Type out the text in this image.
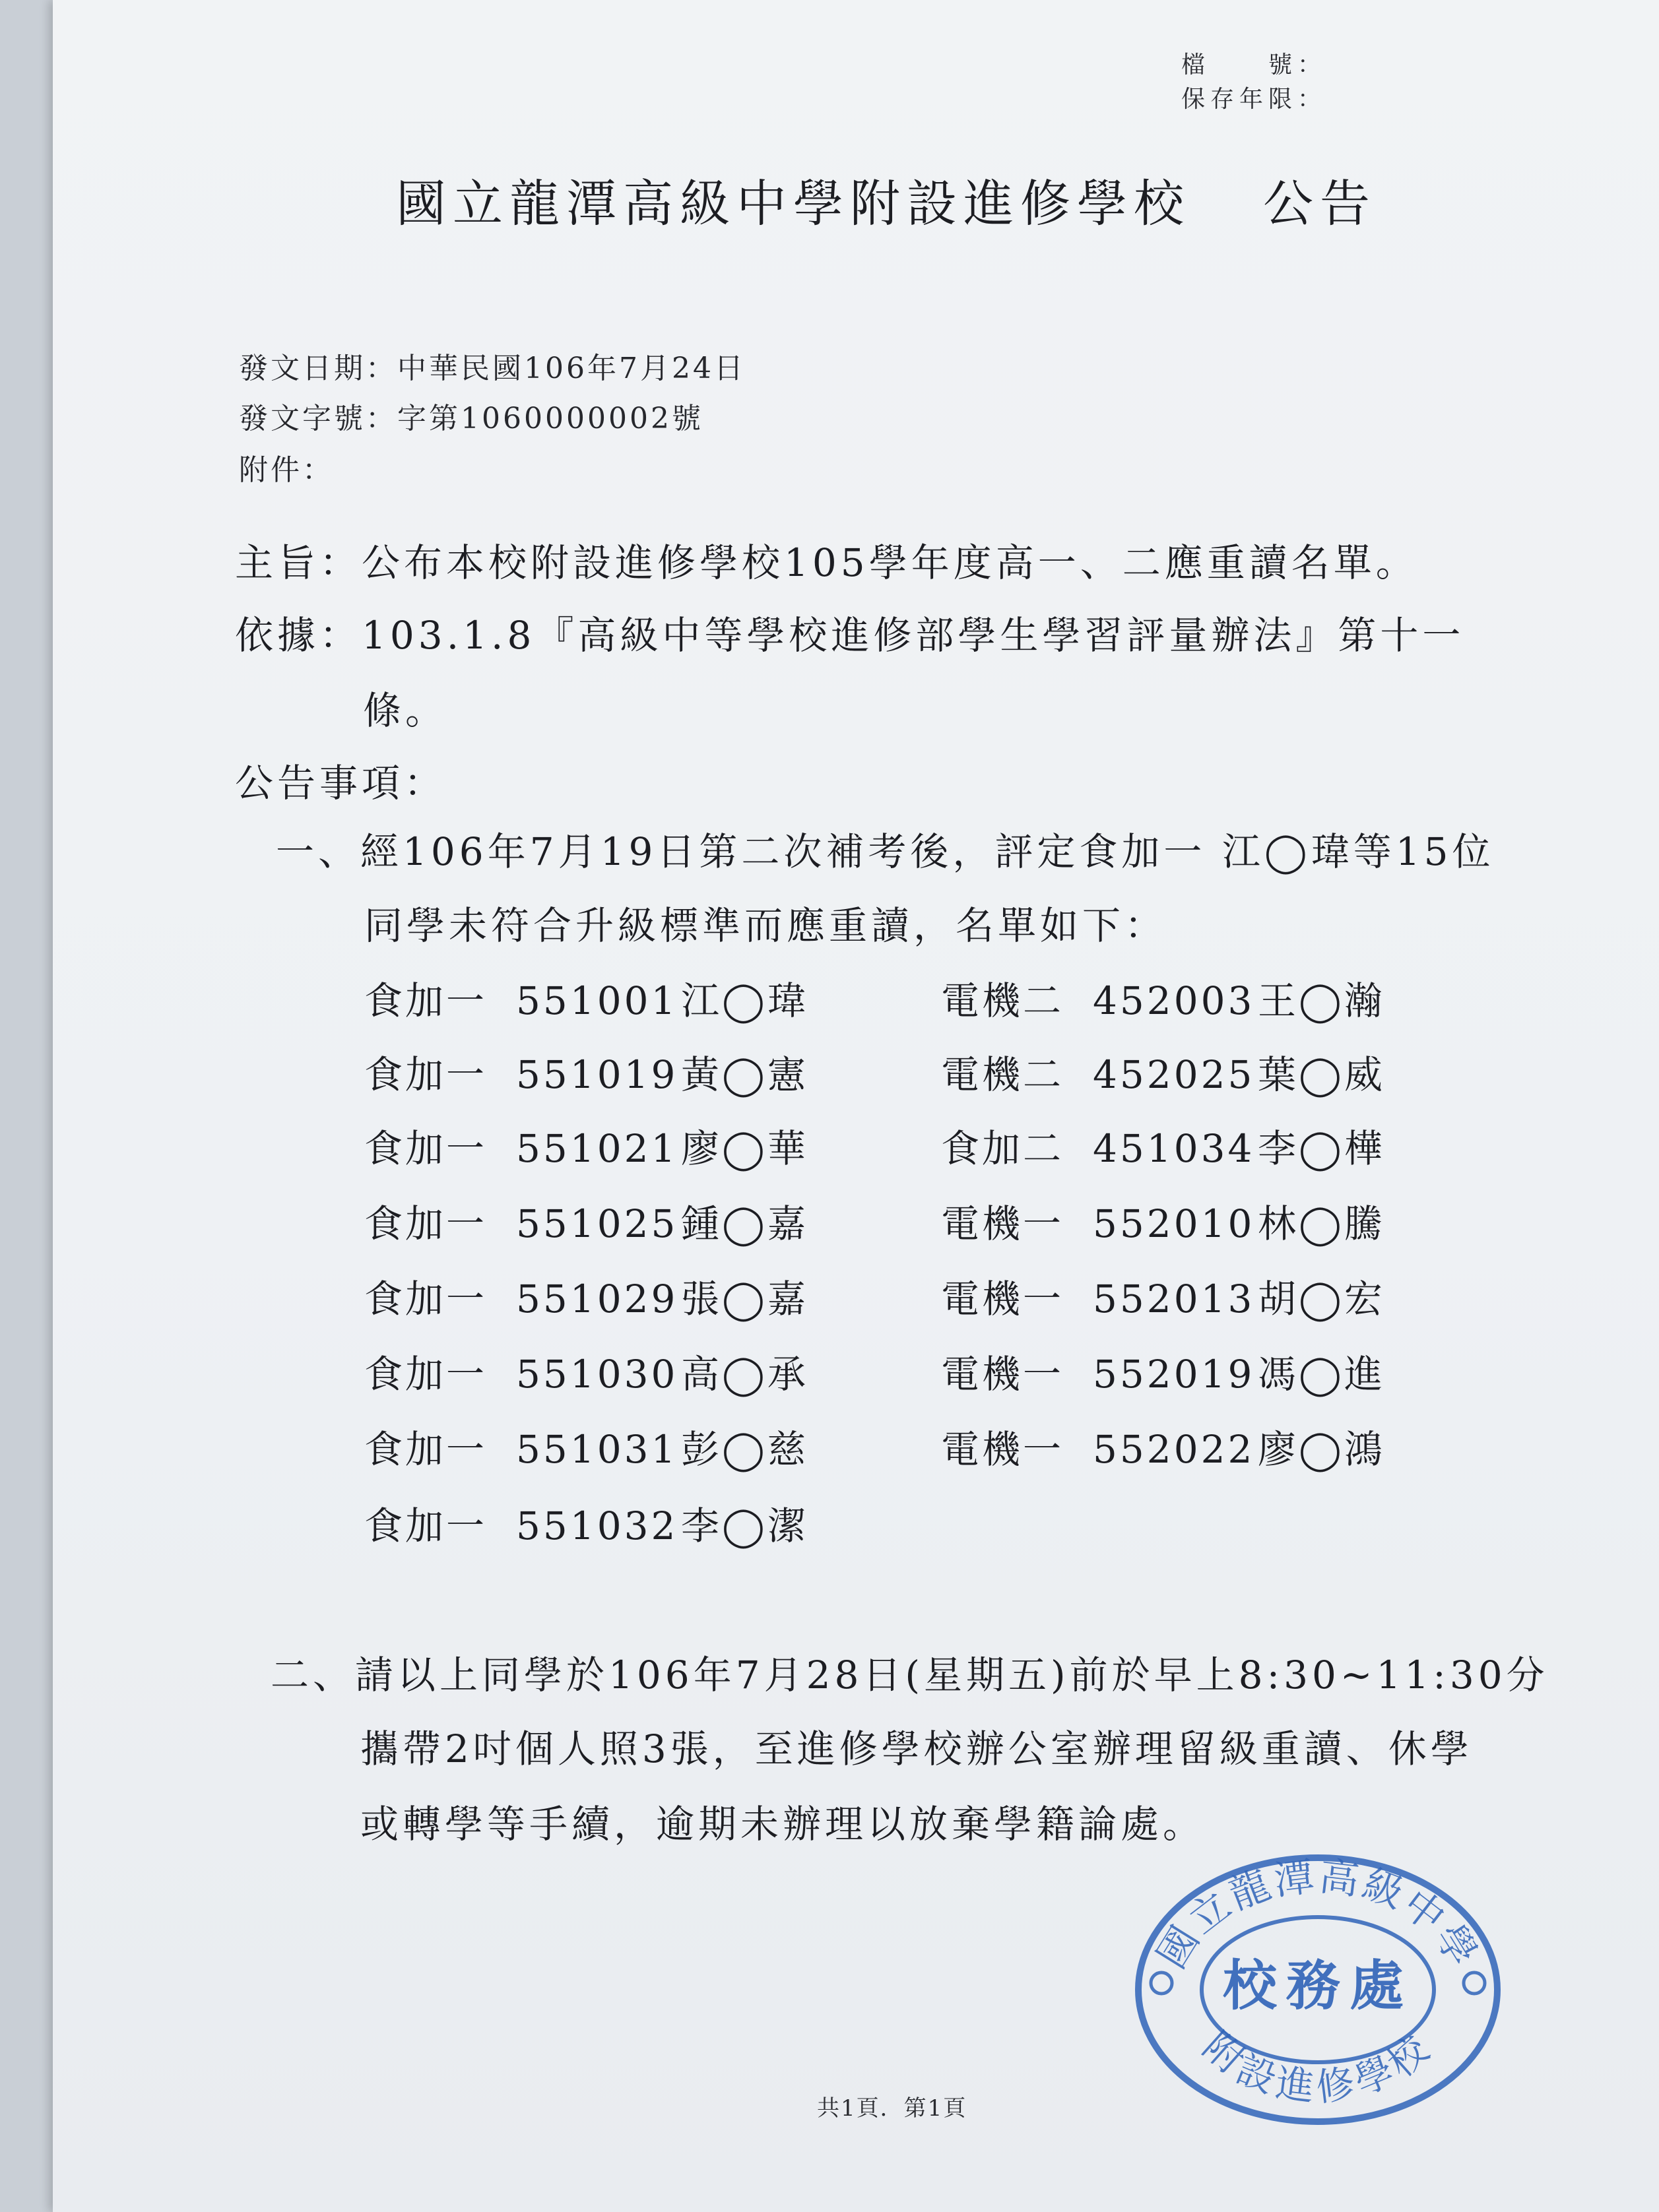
檔　　號：
保存年限：
國立龍潭高級中學附設進修學校 公告
發文日期：中華民國106年7月24日
發文字號：字第1060000002號
附件：
主旨：公布本校附設進修學校105學年度高一、二應重讀名單。
依據：103.1.8『高級中等學校進修部學生學習評量辦法』第十一
條。
公告事項：
一、經106年7月19日第二次補考後，評定食加一 江◯瑋等15位
同學未符合升級標準而應重讀，名單如下：
食加一 551001江◯瑋
食加一 551019黃◯憲
食加一 551021廖◯華
食加一 551025鍾◯嘉
食加一 551029張◯嘉
食加一 551030高◯承
食加一 551031彭◯慈
食加一 551032李◯潔
電機二 452003王◯瀚
電機二 452025葉◯威
食加二 451034李◯樺
電機一 552010林◯騰
電機一 552013胡◯宏
電機一 552019馮◯進
電機一 552022廖◯鴻
二、請以上同學於106年7月28日(星期五)前於早上8:30~11:30分
攜帶2吋個人照3張，至進修學校辦公室辦理留級重讀、休學
或轉學等手續，逾期未辦理以放棄學籍論處。
國立龍潭高級中學
校務處
附設進修學校
共1頁．第1頁
